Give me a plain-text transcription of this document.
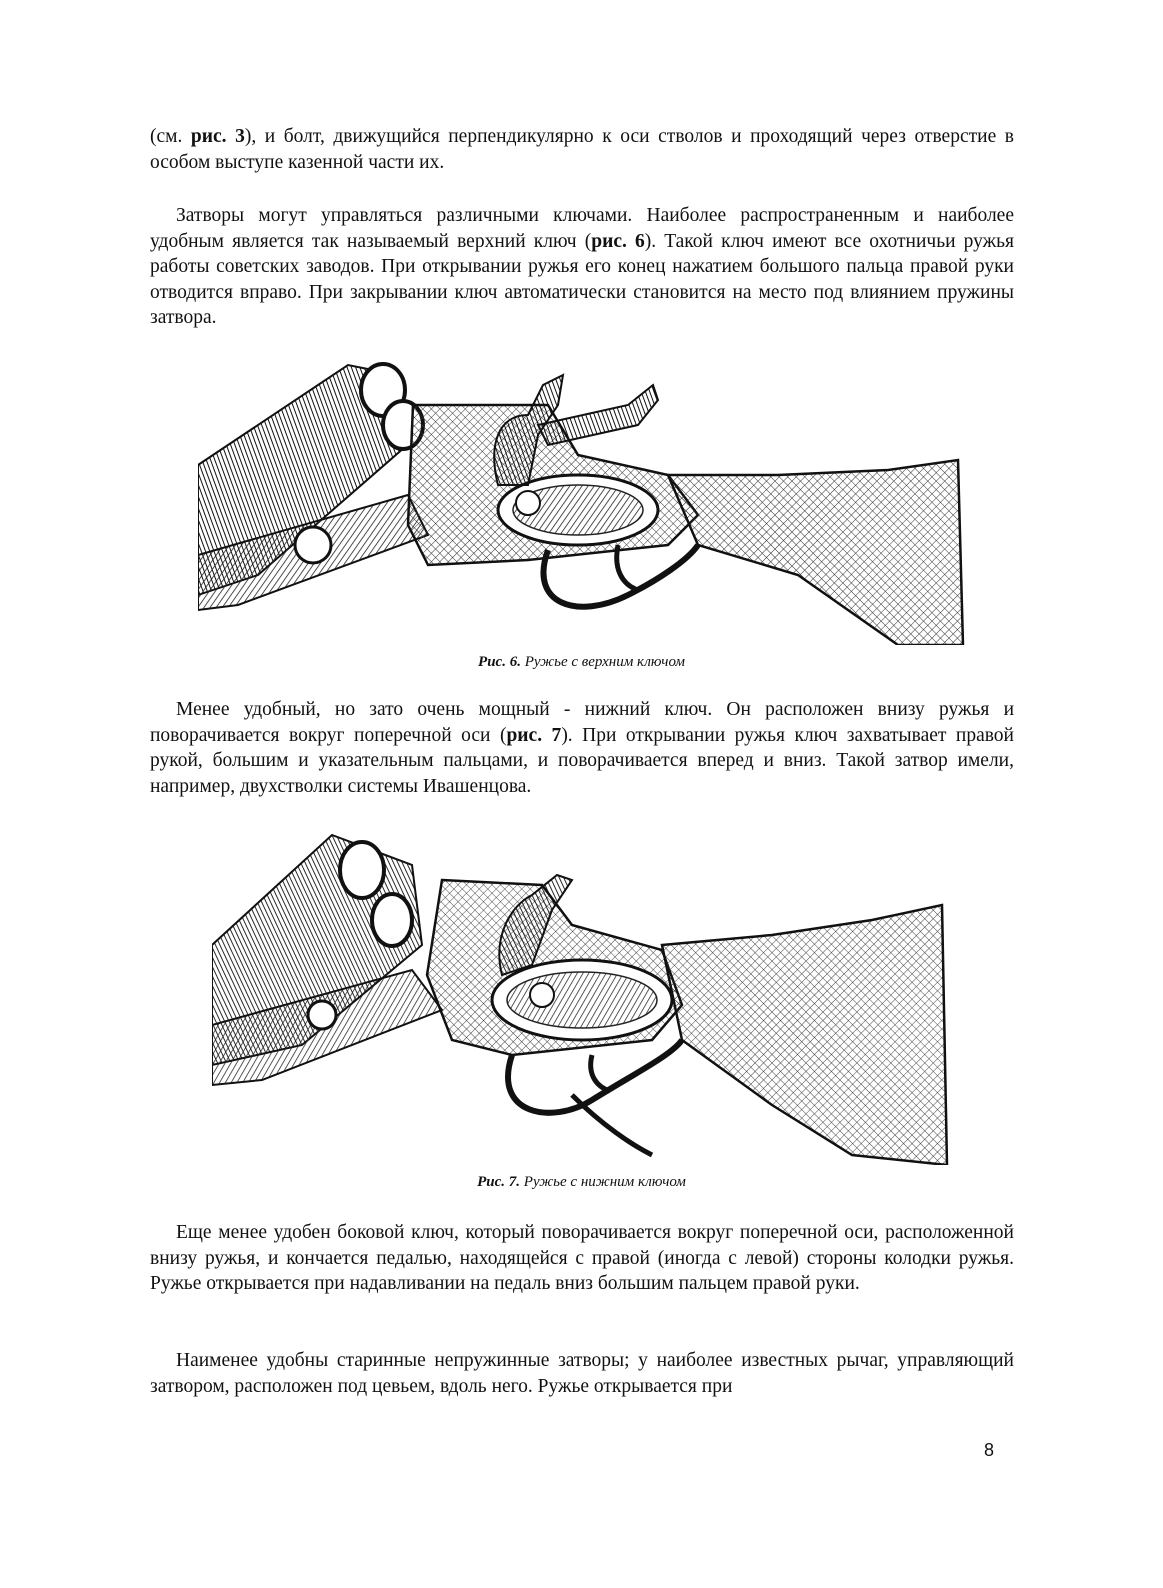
(см. рис. 3), и болт, движущийся перпендикулярно к оси стволов и проходящий через отверстие в особом выступе казенной части их.

Затворы могут управляться различными ключами. Наиболее распространенным и наиболее удобным является так называемый верхний ключ (рис. 6). Такой ключ имеют все охотничьи ружья работы советских заводов. При открывании ружья его конец нажатием большого пальца правой руки отводится вправо. При закрывании ключ автоматически становится на место под влиянием пружины затвора.

Рис. 6. Ружье с верхним ключом

Менее удобный, но зато очень мощный - нижний ключ. Он расположен внизу ружья и поворачивается вокруг поперечной оси (рис. 7). При открывании ружья ключ захватывает правой рукой, большим и указательным пальцами, и поворачивается вперед и вниз. Такой затвор имели, например, двухстволки системы Ивашенцова.

Рис. 7. Ружье с нижним ключом

Еще менее удобен боковой ключ, который поворачивается вокруг поперечной оси, расположенной внизу ружья, и кончается педалью, находящейся с правой (иногда с левой) стороны колодки ружья. Ружье открывается при надавливании на педаль вниз большим пальцем правой руки.

Наименее удобны старинные непружинные затворы; у наиболее известных рычаг, управляющий затвором, расположен под цевьем, вдоль него. Ружье открывается при

8
